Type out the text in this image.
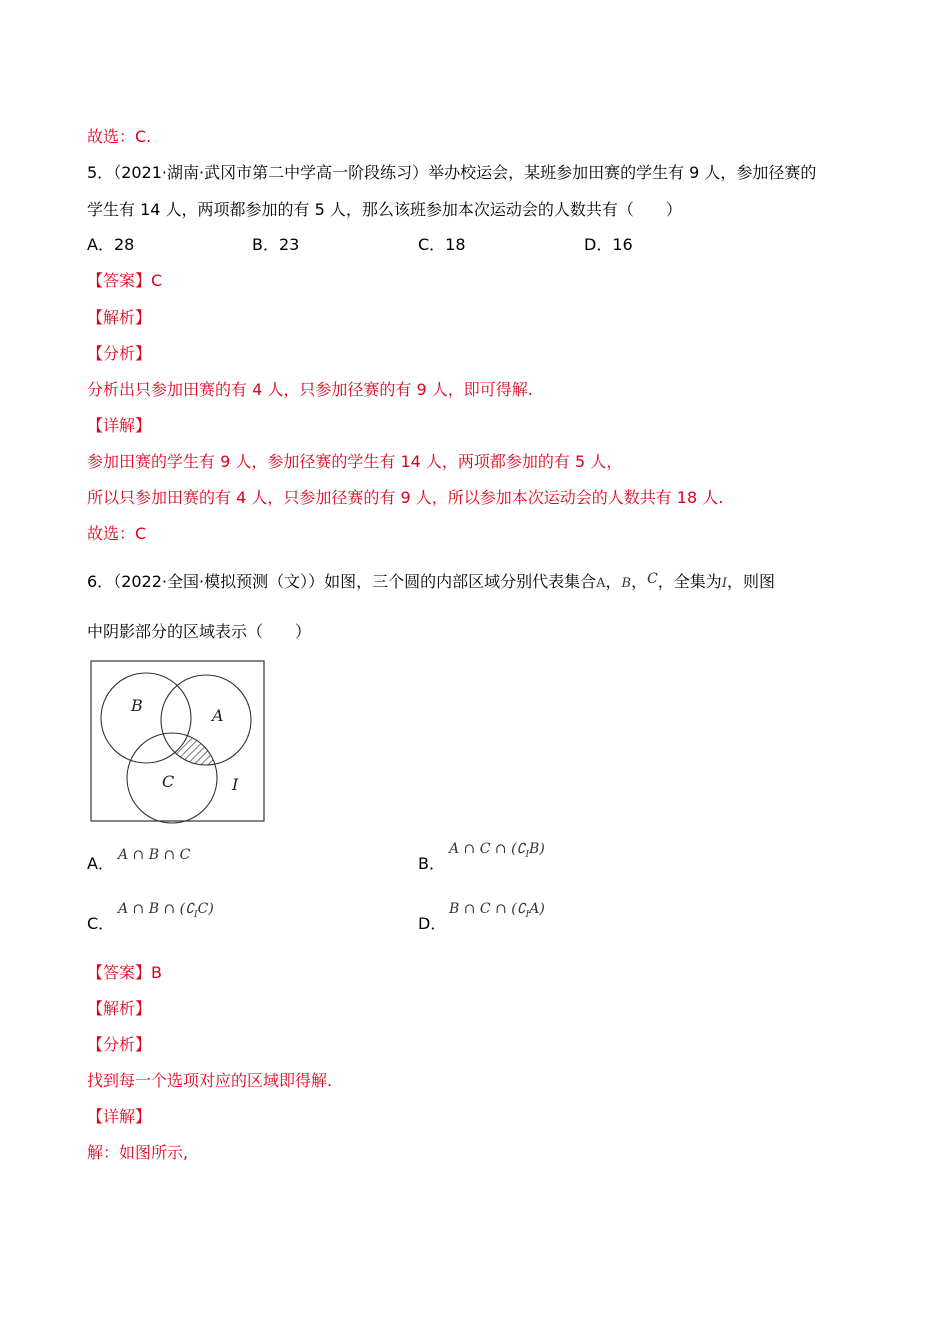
故选：C.
5．（2021·湖南·武冈市第二中学高一阶段练习）举办校运会，某班参加田赛的学生有 9 人，参加径赛的
学生有 14 人，两项都参加的有 5 人，那么该班参加本次运动会的人数共有（　　）
A．28	B．23	C．18	D．16
【答案】C
【解析】
【分析】
分析出只参加田赛的有 4 人，只参加径赛的有 9 人，即可得解.
【详解】
参加田赛的学生有 9 人，参加径赛的学生有 14 人，两项都参加的有 5 人，
所以只参加田赛的有 4 人，只参加径赛的有 9 人，所以参加本次运动会的人数共有 18 人.
故选：C
6．（2022·全国·模拟预测（文））如图，三个圆的内部区域分别代表集合A，B，C，全集为I，则图
中阴影部分的区域表示（　　）
B
A
C	I
A． A ∩ B ∩ C	B．
A ∩ C ∩ $(∁_IB)$
C．
A ∩ B ∩ $(∁_IC)$
D．
B ∩ C ∩ $(∁_IA)$
【答案】B
【解析】
【分析】
找到每一个选项对应的区域即得解.
【详解】
解：如图所示,
